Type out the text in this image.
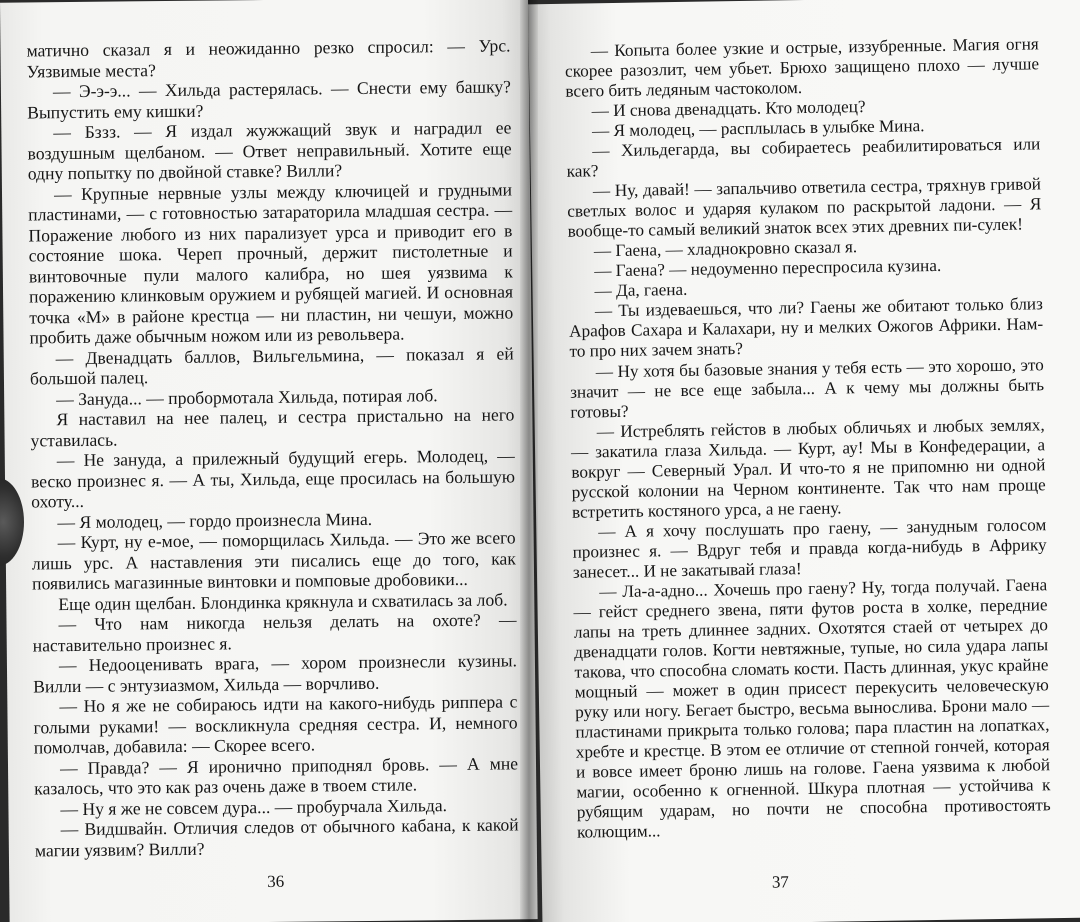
матично сказал я и неожиданно резко спросил: — Урс. Уязвимые места?

— Э-э-э... — Хильда растерялась. — Снести ему башку? Выпустить ему кишки?

— Бззз. — Я издал жужжащий звук и наградил ее воздушным щелбаном. — Ответ неправильный. Хотите еще одну попытку по двойной ставке? Вилли?

— Крупные нервные узлы между ключицей и грудными пластинами, — с готовностью затараторила младшая сестра. — Поражение любого из них парализует урса и приводит его в состояние шока. Череп прочный, держит пистолетные и винтовочные пули малого калибра, но шея уязвима к поражению клинковым оружием и рубящей магией. И основная точка «М» в районе крестца — ни пластин, ни чешуи, можно пробить даже обычным ножом или из револьвера.

— Двенадцать баллов, Вильгельмина, — показал я ей большой палец.

— Зануда... — пробормотала Хильда, потирая лоб.

Я наставил на нее палец, и сестра пристально на него уставилась.

— Не зануда, а прилежный будущий егерь. Молодец, — веско произнес я. — А ты, Хильда, еще просилась на большую охоту...

— Я молодец, — гордо произнесла Мина.

— Курт, ну е-мое, — поморщилась Хильда. — Это же всего лишь урс. А наставления эти писались еще до того, как появились магазинные винтовки и помповые дробовики...

Еще один щелбан. Блондинка крякнула и схватилась за лоб.

— Что нам никогда нельзя делать на охоте? — наставительно произнес я.

— Недооценивать врага, — хором произнесли кузины. Вилли — с энтузиазмом, Хильда — ворчливо.

— Но я же не собираюсь идти на какого-нибудь риппера с голыми руками! — воскликнула средняя сестра. И, немного помолчав, добавила: — Скорее всего.

— Правда? — Я иронично приподнял бровь. — А мне казалось, что это как раз очень даже в твоем стиле.

— Ну я же не совсем дура... — пробурчала Хильда.

— Видшвайн. Отличия следов от обычного кабана, к какой магии уязвим? Вилли?

36

— Копыта более узкие и острые, иззубренные. Магия огня скорее разозлит, чем убьет. Брюхо защищено плохо — лучше всего бить ледяным частоколом.

— И снова двенадцать. Кто молодец?

— Я молодец, — расплылась в улыбке Мина.

— Хильдегарда, вы собираетесь реабилитироваться или как?

— Ну, давай! — запальчиво ответила сестра, тряхнув гривой светлых волос и ударяя кулаком по раскрытой ладони. — Я вообще-то самый великий знаток всех этих древних пи-сулек!

— Гаена, — хладнокровно сказал я.

— Гаена? — недоуменно переспросила кузина.

— Да, гаена.

— Ты издеваешься, что ли? Гаены же обитают только близ Арафов Сахара и Калахари, ну и мелких Ожогов Африки. Нам-то про них зачем знать?

— Ну хотя бы базовые знания у тебя есть — это хорошо, это значит — не все еще забыла... А к чему мы должны быть готовы?

— Истреблять гейстов в любых обличьях и любых землях, — закатила глаза Хильда. — Курт, ау! Мы в Конфедерации, а вокруг — Северный Урал. И что-то я не припомню ни одной русской колонии на Черном континенте. Так что нам проще встретить костяного урса, а не гаену.

— А я хочу послушать про гаену, — занудным голосом произнес я. — Вдруг тебя и правда когда-нибудь в Африку занесет... И не закатывай глаза!

— Ла-а-адно... Хочешь про гаену? Ну, тогда получай. Гаена — гейст среднего звена, пяти футов роста в холке, передние лапы на треть длиннее задних. Охотятся стаей от четырех до двенадцати голов. Когти невтяжные, тупые, но сила удара лапы такова, что способна сломать кости. Пасть длинная, укус крайне мощный — может в один присест перекусить человеческую руку или ногу. Бегает быстро, весьма вынослива. Брони мало — пластинами прикрыта только голова; пара пластин на лопатках, хребте и крестце. В этом ее отличие от степной гончей, которая и вовсе имеет броню лишь на голове. Гаена уязвима к любой магии, особенно к огненной. Шкура плотная — устойчива к рубящим ударам, но почти не способна противостоять колющим...

37
